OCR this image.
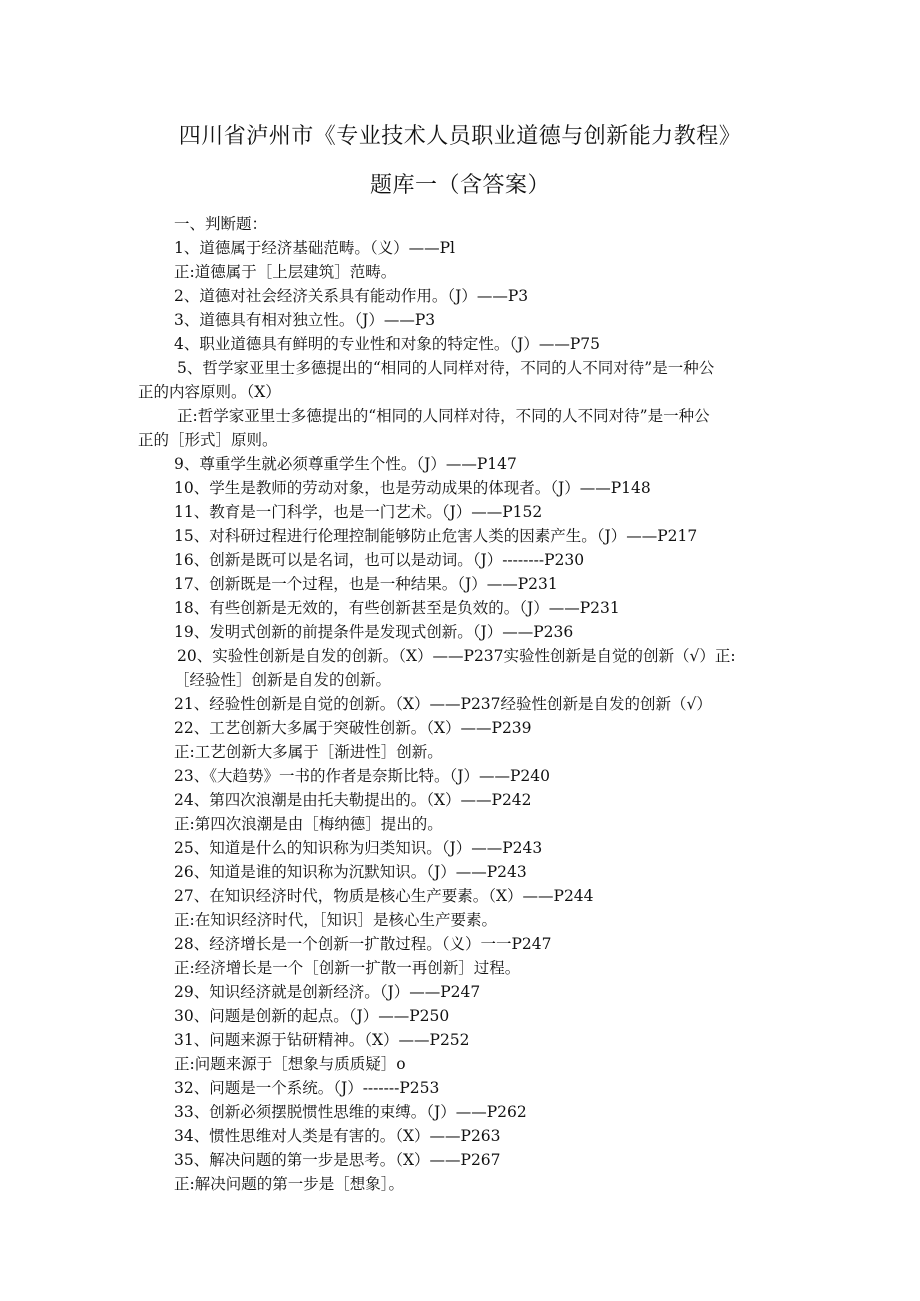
四川省泸州市《专业技术人员职业道德与创新能力教程》
题库一（含答案）
一、判断题：
1、道德属于经济基础范畴。（义）——Pl
正:道德属于［上层建筑］范畴。
2、道德对社会经济关系具有能动作用。（J）——P3
3、道德具有相对独立性。（J）——P3
4、职业道德具有鲜明的专业性和对象的特定性。（J）——P75
5、哲学家亚里士多德提出的“相同的人同样对待，不同的人不同对待”是一种公
正的内容原则。（X）
正:哲学家亚里士多德提出的“相同的人同样对待，不同的人不同对待”是一种公
正的［形式］原则。
9、尊重学生就必须尊重学生个性。（J）——P147
10、学生是教师的劳动对象，也是劳动成果的体现者。（J）——P148
11、教育是一门科学，也是一门艺术。（J）——P152
15、对科研过程进行伦理控制能够防止危害人类的因素产生。（J）——P217
16、创新是既可以是名词，也可以是动词。（J）--------P230
17、创新既是一个过程，也是一种结果。（J）——P231
18、有些创新是无效的，有些创新甚至是负效的。（J）——P231
19、发明式创新的前提条件是发现式创新。（J）——P236
20、实验性创新是自发的创新。（X）——P237实验性创新是自觉的创新（√）正:
［经验性］创新是自发的创新。
21、经验性创新是自觉的创新。（X）——P237经验性创新是自发的创新（√）
22、工艺创新大多属于突破性创新。（X）——P239
正:工艺创新大多属于［渐进性］创新。
23、《大趋势》一书的作者是奈斯比特。（J）——P240
24、第四次浪潮是由托夫勒提出的。（X）——P242
正:第四次浪潮是由［梅纳德］提出的。
25、知道是什么的知识称为归类知识。（J）——P243
26、知道是谁的知识称为沉默知识。（J）——P243
27、在知识经济时代，物质是核心生产要素。（X）——P244
正:在知识经济时代，［知识］是核心生产要素。
28、经济增长是一个创新一扩散过程。（义）一一P247
正:经济增长是一个［创新一扩散一再创新］过程。
29、知识经济就是创新经济。（J）——P247
30、问题是创新的起点。（J）——P250
31、问题来源于钻研精神。（X）——P252
正:问题来源于［想象与质质疑］o
32、问题是一个系统。（J）-------P253
33、创新必须摆脱惯性思维的束缚。（J）——P262
34、惯性思维对人类是有害的。（X）——P263
35、解决问题的第一步是思考。（X）——P267
正:解决问题的第一步是［想象］。
